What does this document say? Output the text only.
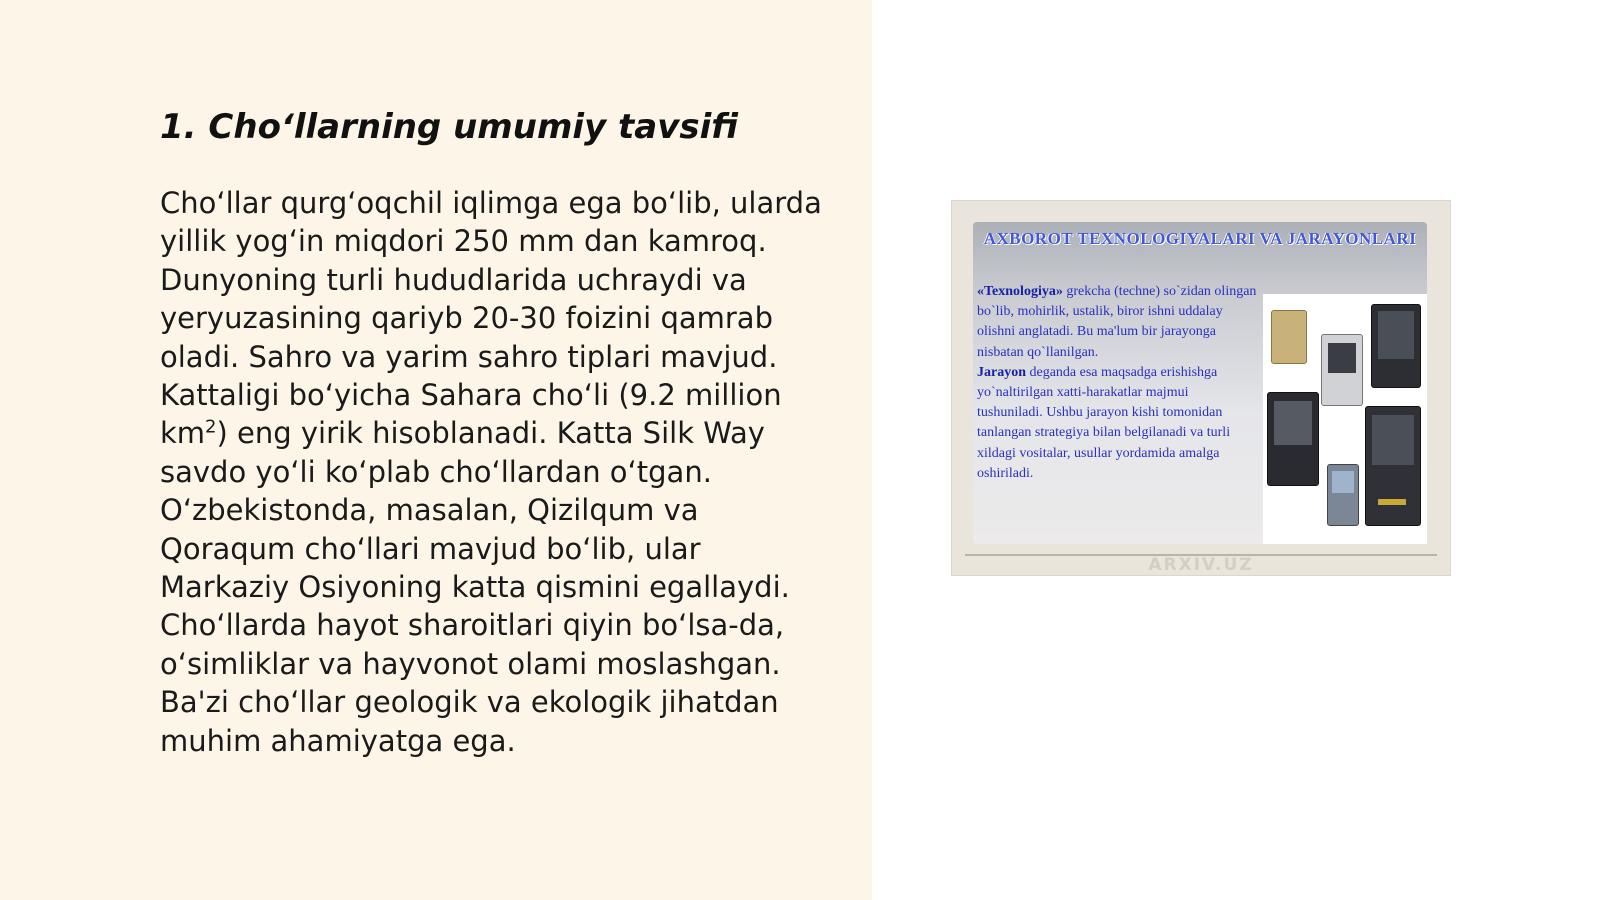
1. Cho‘llarning umumiy tavsifi
Cho‘llar qurg‘oqchil iqlimga ega bo‘lib, ularda
yillik yog‘in miqdori 250 mm dan kamroq.
Dunyoning turli hududlarida uchraydi va
yeryuzasining qariyb 20-30 foizini qamrab
oladi. Sahro va yarim sahro tiplari mavjud.
Kattaligi bo‘yicha Sahara cho‘li (9.2 million
$km^2$) eng yirik hisoblanadi. Katta Silk Way
savdo yo‘li ko‘plab cho‘llardan o‘tgan.
O‘zbekistonda, masalan, Qizilqum va
Qoraqum cho‘llari mavjud bo‘lib, ular
Markaziy Osiyoning katta qismini egallaydi.
Cho‘llarda hayot sharoitlari qiyin bo‘lsa-da,
o‘simliklar va hayvonot olami moslashgan.
Ba'zi cho‘llar geologik va ekologik jihatdan
muhim ahamiyatga ega.
AXBOROT TEXNOLOGIYALARI VA JARAYONLARI
«Texnologiya» grekcha (techne) so`zidan olingan bo`lib, mohirlik, ustalik, biror ishni uddalay olishni anglatadi. Bu ma'lum bir jarayonga nisbatan qo`llanilgan.
Jarayon deganda esa maqsadga erishishga yo`naltirilgan xatti-harakatlar majmui tushuniladi. Ushbu jarayon kishi tomonidan tanlangan strategiya bilan belgilanadi va turli xildagi vositalar, usullar yordamida amalga oshiriladi.
ARXIV.UZ
